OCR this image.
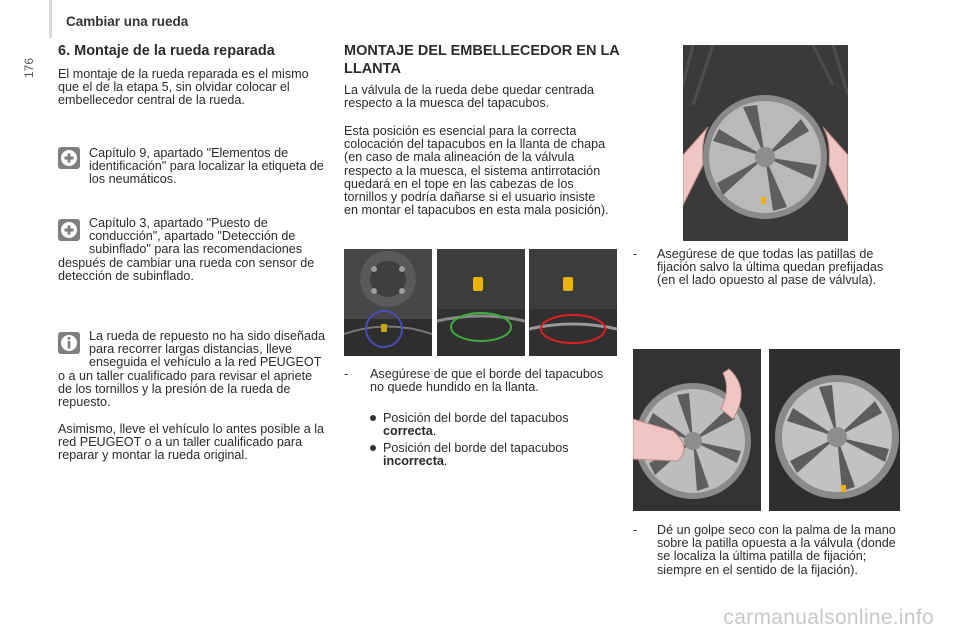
Cambiar una rueda
176
6. Montaje de la rueda reparada

El montaje de la rueda reparada es el mismo que el de la etapa 5, sin olvidar colocar el embellecedor central de la rueda.

Capítulo 9, apartado "Elementos de identificación" para localizar la etiqueta de los neumáticos.

Capítulo 3, apartado "Puesto de conducción", apartado "Detección de subinflado" para las recomendaciones después de cambiar una rueda con sensor de detección de subinflado.
La rueda de repuesto no ha sido diseñada para recorrer largas distancias, lleve enseguida el vehículo a la red PEUGEOT o a un taller cualificado para revisar el apriete de los tornillos y la presión de la rueda de repuesto.

Asimismo, lleve el vehículo lo antes posible a la red PEUGEOT o a un taller cualificado para reparar y montar la rueda original.

MONTAJE DEL EMBELLECEDOR EN LA LLANTA

La válvula de la rueda debe quedar centrada respecto a la muesca del tapacubos.

Esta posición es esencial para la correcta colocación del tapacubos en la llanta de chapa (en caso de mala alineación de la válvula respecto a la muesca, el sistema antirrotación quedará en el tope en las cabezas de los tornillos y podría dañarse si el usuario insiste en montar el tapacubos en esta mala posición).

- Asegúrese de que el borde del tapacubos no quede hundido en la llanta.

Posición del borde del tapacubos
correcta.

Posición del borde del tapacubos
incorrecta.

- Asegúrese de que todas las patillas de fijación salvo la última quedan prefijadas (en el lado opuesto al pase de válvula).

- Dé un golpe seco con la palma de la mano sobre la patilla opuesta a la válvula (donde se localiza la última patilla de fijación; siempre en el sentido de la fijación).

carmanualsonline.info
